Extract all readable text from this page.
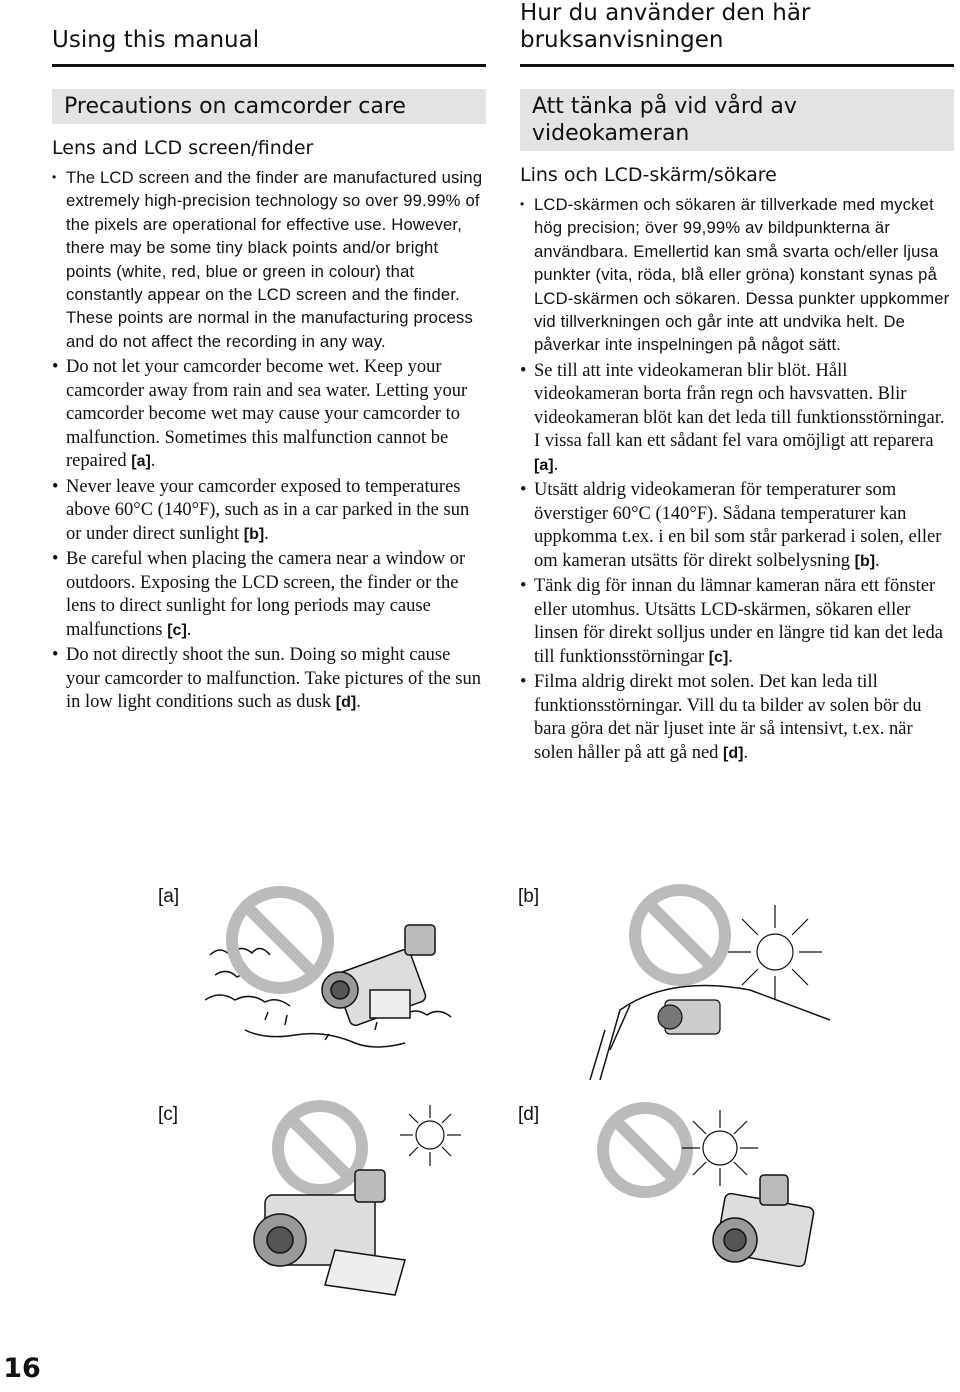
Using this manual
Precautions on camcorder care
Lens and LCD screen/finder
• The LCD screen and the finder are manufactured using extremely high-precision technology so over 99.99% of the pixels are operational for effective use. However, there may be some tiny black points and/or bright points (white, red, blue or green in colour) that constantly appear on the LCD screen and the finder. These points are normal in the manufacturing process and do not affect the recording in any way.
• Do not let your camcorder become wet. Keep your camcorder away from rain and sea water. Letting your camcorder become wet may cause your camcorder to malfunction. Sometimes this malfunction cannot be repaired [a].
• Never leave your camcorder exposed to temperatures above 60°C (140°F), such as in a car parked in the sun or under direct sunlight [b].
• Be careful when placing the camera near a window or outdoors. Exposing the LCD screen, the finder or the lens to direct sunlight for long periods may cause malfunctions [c].
• Do not directly shoot the sun. Doing so might cause your camcorder to malfunction. Take pictures of the sun in low light conditions such as dusk [d].
Hur du använder den här bruksanvisningen
Att tänka på vid vård av videokameran
Lins och LCD-skärm/sökare
• LCD-skärmen och sökaren är tillverkade med mycket hög precision; över 99,99% av bildpunkterna är användbara. Emellertid kan små svarta och/eller ljusa punkter (vita, röda, blå eller gröna) konstant synas på LCD-skärmen och sökaren. Dessa punkter uppkommer vid tillverkningen och går inte att undvika helt. De påverkar inte inspelningen på något sätt.
• Se till att inte videokameran blir blöt. Håll videokameran borta från regn och havsvatten. Blir videokameran blöt kan det leda till funktionsstörningar. I vissa fall kan ett sådant fel vara omöjligt att reparera [a].
• Utsätt aldrig videokameran för temperaturer som överstiger 60°C (140°F). Sådana temperaturer kan uppkomma t.ex. i en bil som står parkerad i solen, eller om kameran utsätts för direkt solbelysning [b].
• Tänk dig för innan du lämnar kameran nära ett fönster eller utomhus. Utsätts LCD-skärmen, sökaren eller linsen för direkt solljus under en längre tid kan det leda till funktionsstörningar [c].
• Filma aldrig direkt mot solen. Det kan leda till funktionsstörningar. Vill du ta bilder av solen bör du bara göra det när ljuset inte är så intensivt, t.ex. när solen håller på att gå ned [d].
[a]	[b]
[c]	[d]
16
